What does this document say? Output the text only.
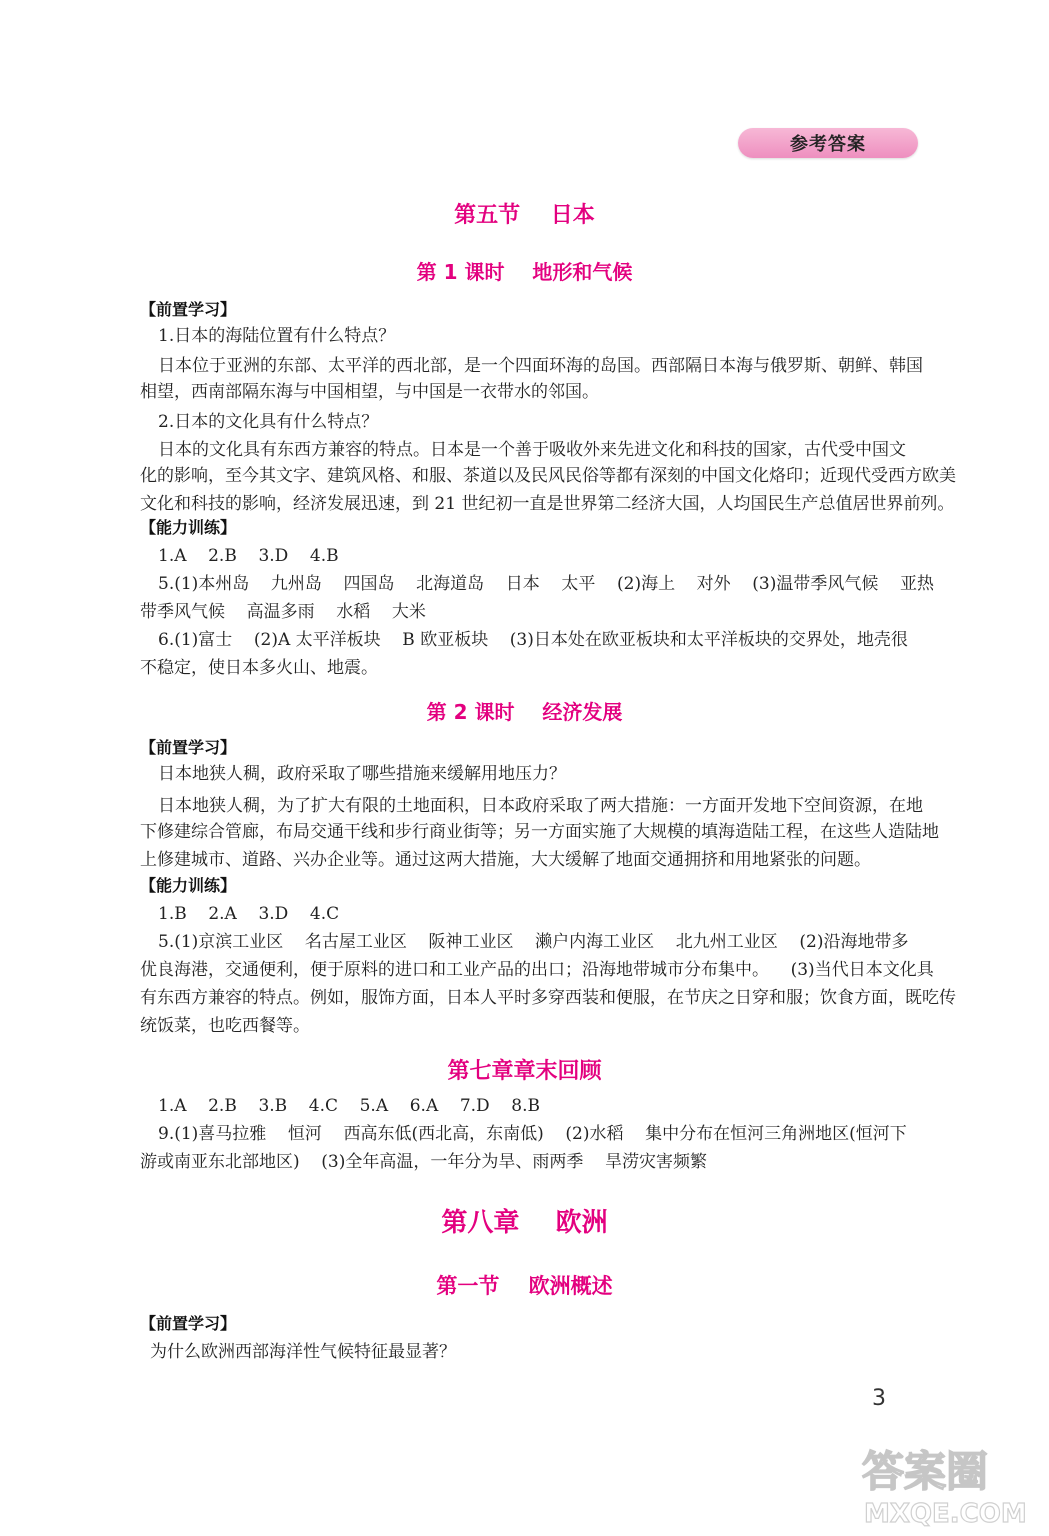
参考答案
第五节    日本
第 1 课时    地形和气候
【前置学习】
1.日本的海陆位置有什么特点？
日本位于亚洲的东部、太平洋的西北部，是一个四面环海的岛国。西部隔日本海与俄罗斯、朝鲜、韩国
相望，西南部隔东海与中国相望，与中国是一衣带水的邻国。
2.日本的文化具有什么特点？
日本的文化具有东西方兼容的特点。日本是一个善于吸收外来先进文化和科技的国家，古代受中国文
化的影响，至今其文字、建筑风格、和服、茶道以及民风民俗等都有深刻的中国文化烙印；近现代受西方欧美
文化和科技的影响，经济发展迅速，到 21 世纪初一直是世界第二经济大国，人均国民生产总值居世界前列。
【能力训练】
1.A    2.B    3.D    4.B
5.(1)本州岛    九州岛    四国岛    北海道岛    日本    太平    (2)海上    对外    (3)温带季风气候    亚热
带季风气候    高温多雨    水稻    大米
6.(1)富士    (2)A 太平洋板块    B 欧亚板块    (3)日本处在欧亚板块和太平洋板块的交界处，地壳很
不稳定，使日本多火山、地震。
第 2 课时    经济发展
【前置学习】
日本地狭人稠，政府采取了哪些措施来缓解用地压力？
日本地狭人稠，为了扩大有限的土地面积，日本政府采取了两大措施：一方面开发地下空间资源，在地
下修建综合管廊，布局交通干线和步行商业街等；另一方面实施了大规模的填海造陆工程，在这些人造陆地
上修建城市、道路、兴办企业等。通过这两大措施，大大缓解了地面交通拥挤和用地紧张的问题。
【能力训练】
1.B    2.A    3.D    4.C
5.(1)京滨工业区    名古屋工业区    阪神工业区    濑户内海工业区    北九州工业区    (2)沿海地带多
优良海港，交通便利，便于原料的进口和工业产品的出口；沿海地带城市分布集中。    (3)当代日本文化具
有东西方兼容的特点。例如，服饰方面，日本人平时多穿西装和便服，在节庆之日穿和服；饮食方面，既吃传
统饭菜，也吃西餐等。
第七章章末回顾
1.A    2.B    3.B    4.C    5.A    6.A    7.D    8.B
9.(1)喜马拉雅    恒河    西高东低(西北高，东南低)    (2)水稻    集中分布在恒河三角洲地区(恒河下
游或南亚东北部地区)    (3)全年高温，一年分为旱、雨两季    旱涝灾害频繁
第八章    欧洲
第一节    欧洲概述
【前置学习】
为什么欧洲西部海洋性气候特征最显著？
3
答案圈
MXQE.COM
